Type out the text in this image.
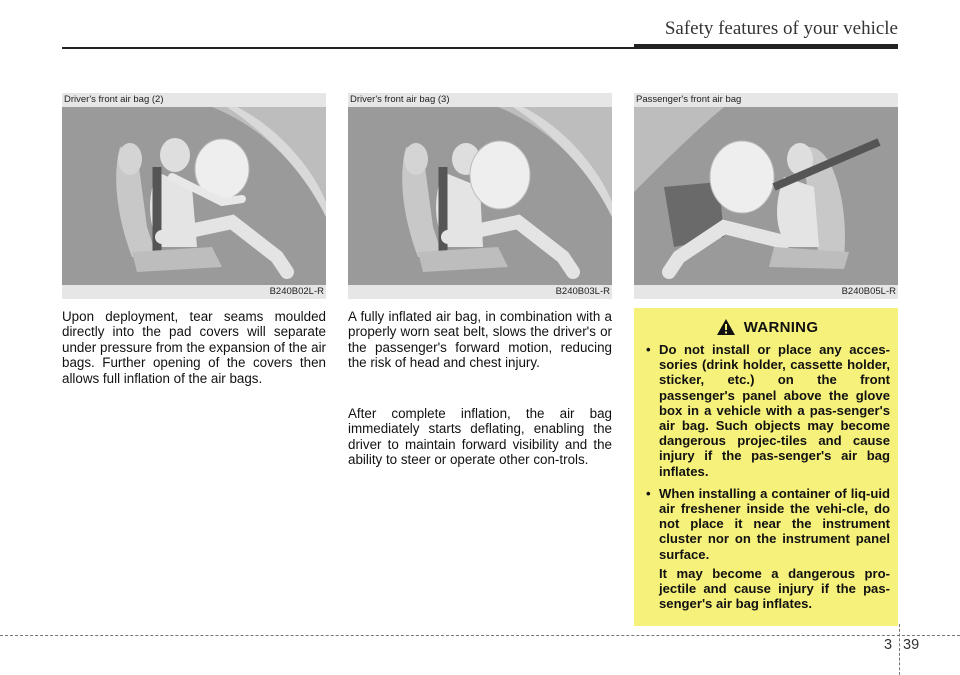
Safety features of your vehicle
Driver's front air bag (2)
B240B02L-R
Driver's front air bag (3)
B240B03L-R
Passenger's front air bag
B240B05L-R

Upon deployment, tear seams moulded directly into the pad covers will separate under pressure from the expansion of the air bags. Further opening of the covers then allows full inflation of the air bags.

A fully inflated air bag, in combination with a properly worn seat belt, slows the driver's or the passenger's forward motion, reducing the risk of head and chest injury.

After complete inflation, the air bag immediately starts deflating, enabling the driver to maintain forward visibility and the ability to steer or operate other con-trols.

WARNING

• Do not install or place any acces-sories (drink holder, cassette holder, sticker, etc.) on the front passenger's panel above the glove box in a vehicle with a pas-senger's air bag. Such objects may become dangerous projec-tiles and cause injury if the pas-senger's air bag inflates.

• When installing a container of liq-uid air freshener inside the vehi-cle, do not place it near the instrument cluster nor on the instrument panel surface.

It may become a dangerous pro-jectile and cause injury if the pas-senger's air bag inflates.

3 39
